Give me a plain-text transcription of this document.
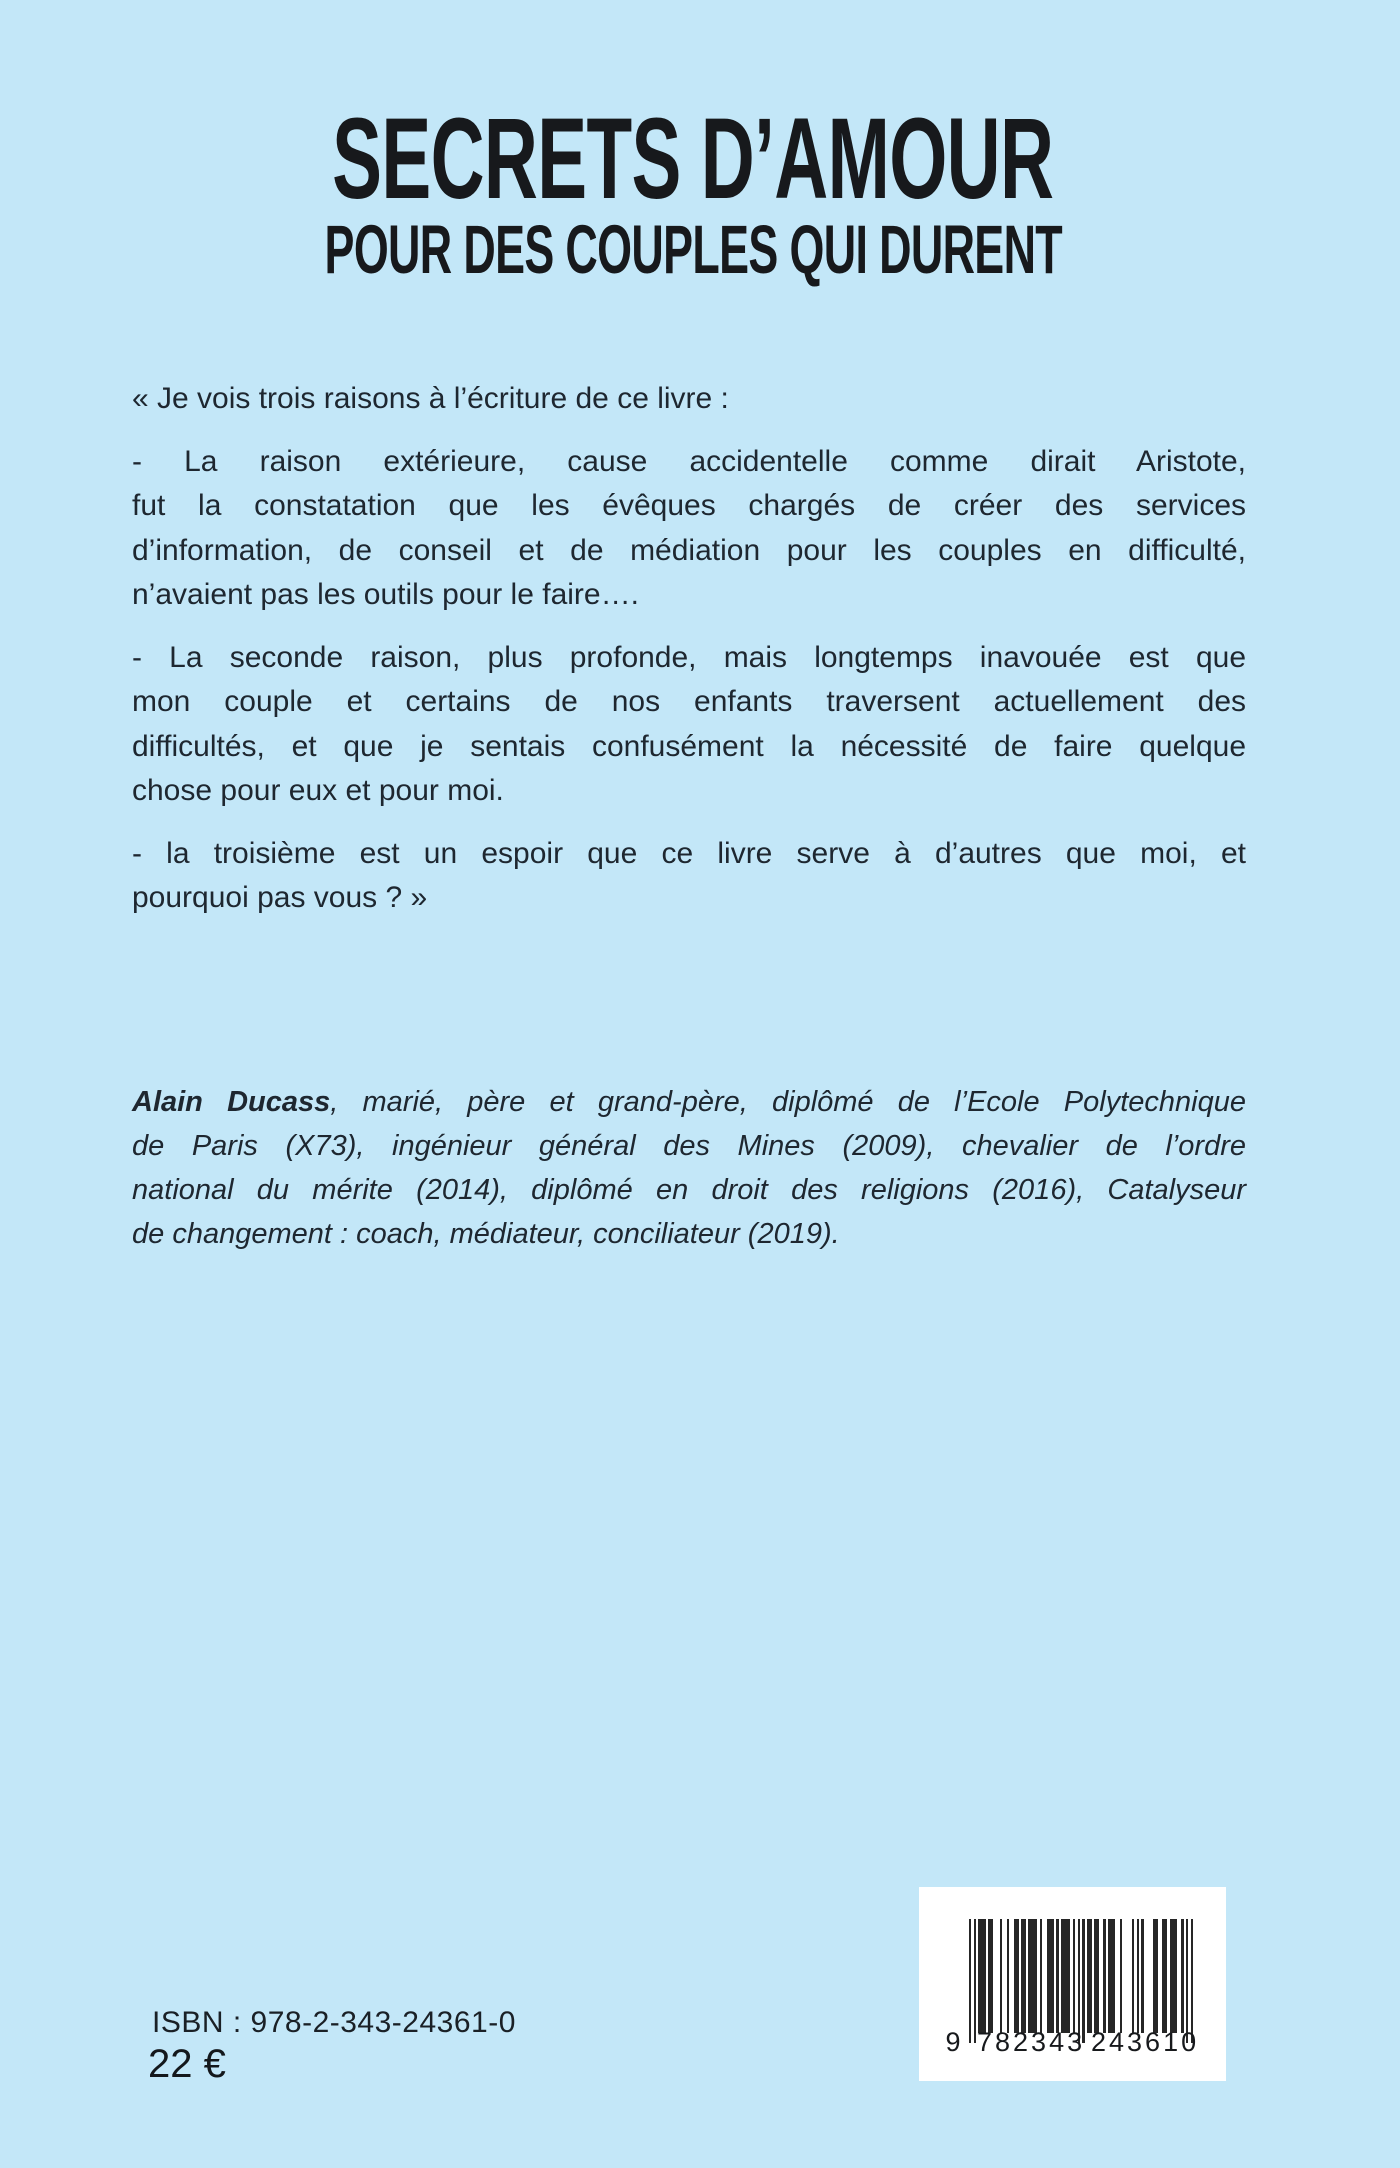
SECRETS D’AMOUR
POUR DES COUPLES QUI DURENT
« Je vois trois raisons à l’écriture de ce livre :
- La raison extérieure, cause accidentelle comme dirait Aristote,
fut la constatation que les évêques chargés de créer des services
d’information, de conseil et de médiation pour les couples en difficulté,
n’avaient pas les outils pour le faire….
- La seconde raison, plus profonde, mais longtemps inavouée est que
mon couple et certains de nos enfants traversent actuellement des
difficultés, et que je sentais confusément la nécessité de faire quelque
chose pour eux et pour moi.
- la troisième est un espoir que ce livre serve à d’autres que moi, et
pourquoi pas vous ? »
Alain Ducass, marié, père et grand-père, diplômé de l’Ecole Polytechnique
de Paris (X73), ingénieur général des Mines (2009), chevalier de l’ordre
national du mérite (2014), diplômé en droit des religions (2016), Catalyseur
de changement : coach, médiateur, conciliateur (2019).
ISBN : 978-2-343-24361-0
22 €	9 782343 243610
